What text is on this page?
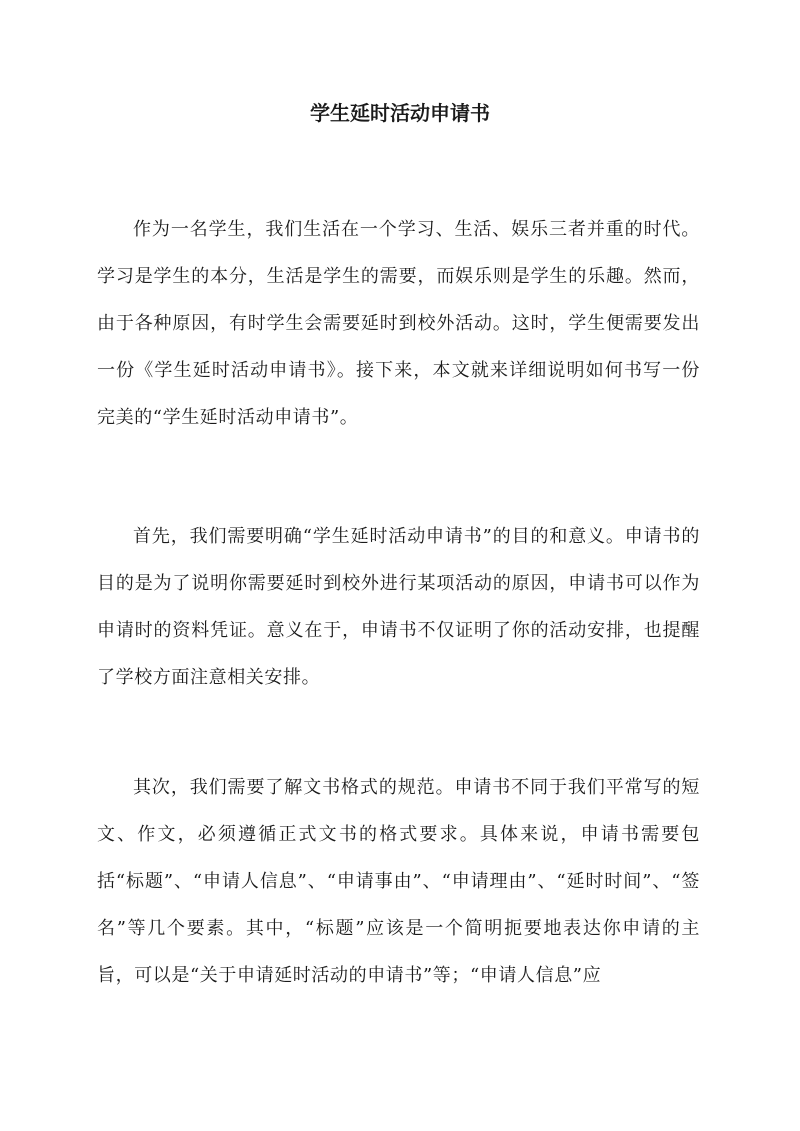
学生延时活动申请书

作为一名学生，我们生活在一个学习、生活、娱乐三者并重的时代。学习是学生的本分，生活是学生的需要，而娱乐则是学生的乐趣。然而，由于各种原因，有时学生会需要延时到校外活动。这时，学生便需要发出一份《学生延时活动申请书》。接下来，本文就来详细说明如何书写一份完美的“学生延时活动申请书”。

首先，我们需要明确“学生延时活动申请书”的目的和意义。申请书的目的是为了说明你需要延时到校外进行某项活动的原因，申请书可以作为申请时的资料凭证。意义在于，申请书不仅证明了你的活动安排，也提醒了学校方面注意相关安排。

其次，我们需要了解文书格式的规范。申请书不同于我们平常写的短文、作文，必须遵循正式文书的格式要求。具体来说，申请书需要包括“标题”、“申请人信息”、“申请事由”、“申请理由”、“延时时间”、“签名”等几个要素。其中，“标题”应该是一个简明扼要地表达你申请的主旨，可以是“关于申请延时活动的申请书”等；“申请人信息”应
